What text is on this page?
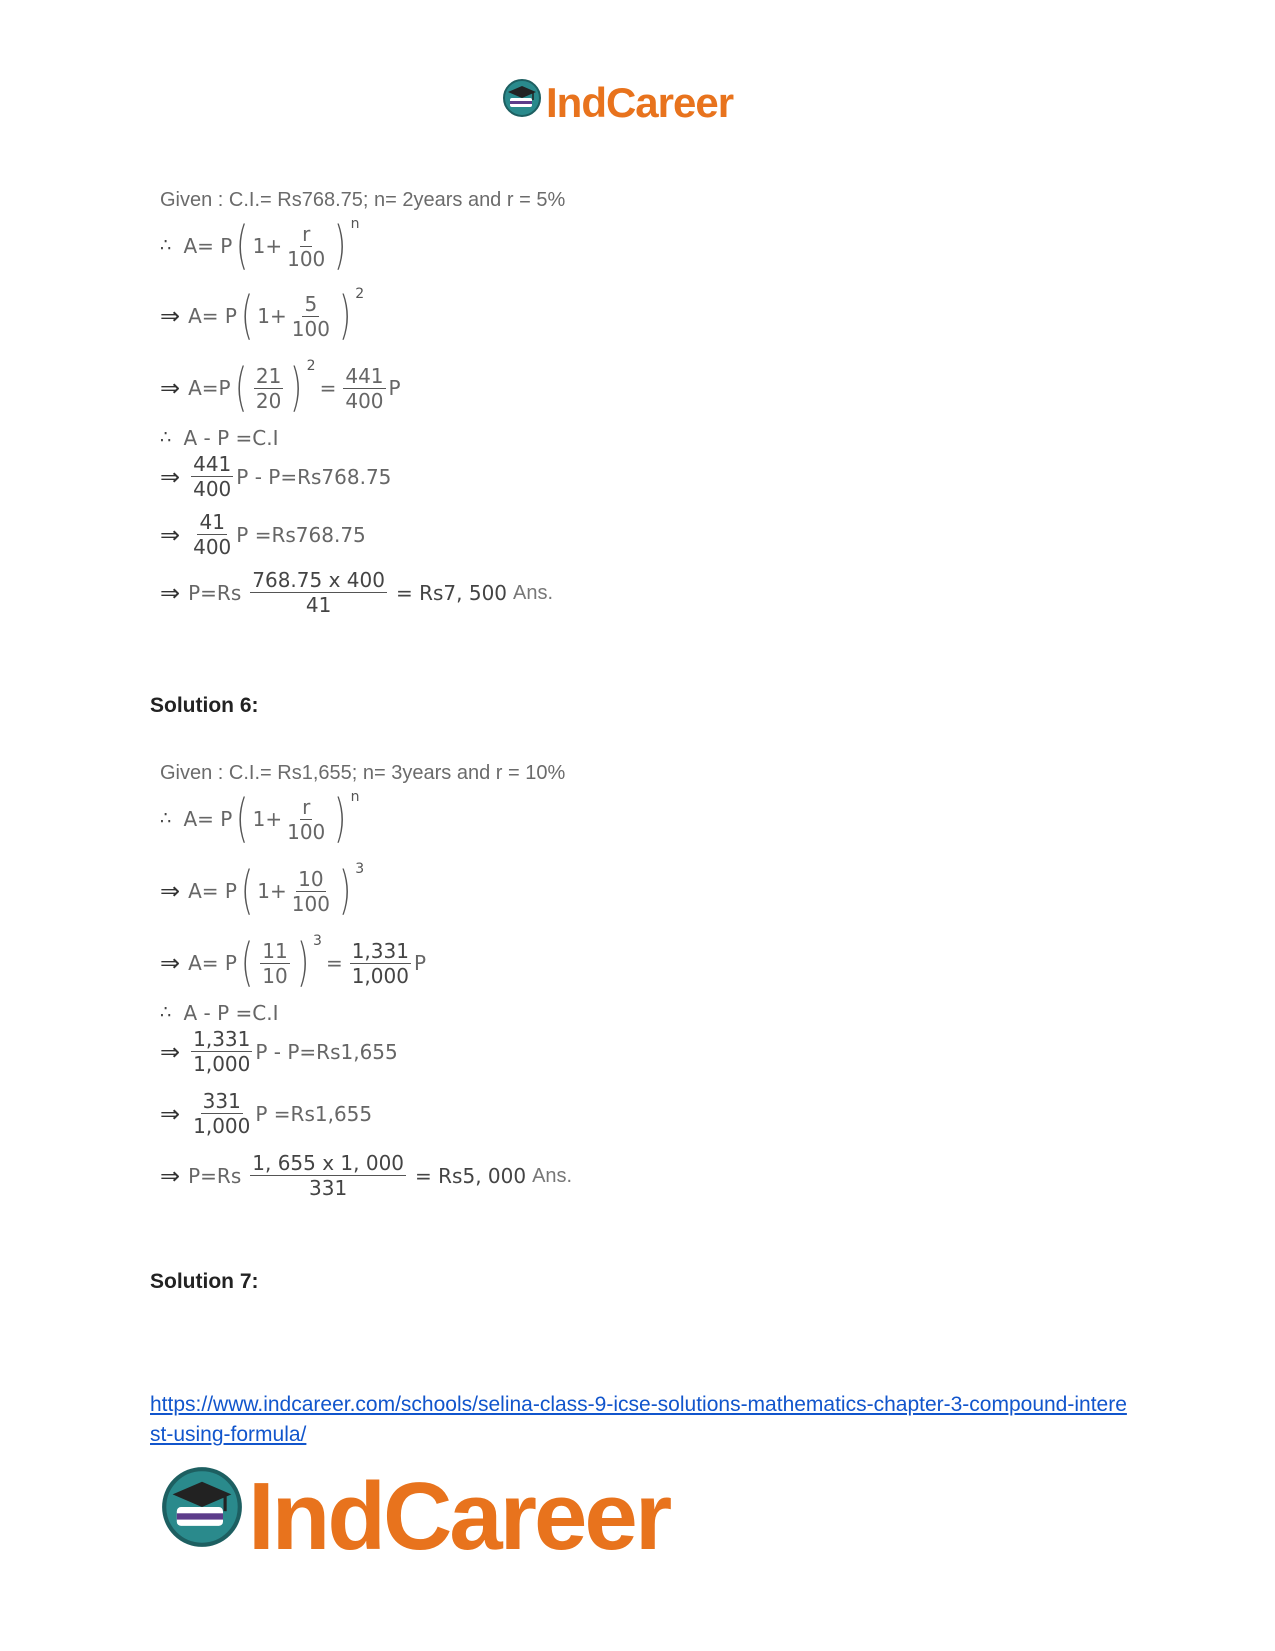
IndCareer
Given : C.I.= Rs768.75; n= 2years and r = 5%
∴ A= P ( $1+ \frac{r}{100}$ ) n
⇒ A= P ( $1+ \frac{5}{100}$ ) 2
⇒ A=P ( $\frac{21}{20}$ ) 2
= $\frac{441}{400}$ P
∴ A - P =C.I
⇒ $\frac{441}{400}$ P - P=Rs768.75
⇒ $\frac{41}{400}$ P =Rs768.75
⇒ $P=Rs \frac{768.75 x 400}{41} = Rs7$, 500 Ans.
Solution 6:
Given : C.I.= Rs1,655; n= 3years and r = 10%
∴ A= P ( $1+ \frac{r}{100}$ ) n
⇒ A= P ( $1+ \frac{10}{100}$ ) 3
⇒ A= P ( $\frac{11}{10}$ ) 3
= $\frac{1,331}{1,000}$ P
∴ A - P =C.I
⇒ $\frac{1,331}{1,000}$ P - P=Rs1,655
⇒ $\frac{331}{1,000}$ P =Rs1,655
⇒ $P=Rs \frac{1, 655 x 1, 000}{331} = Rs5$, 000 Ans.
Solution 7:
https://www.indcareer.com/schools/selina-class-9-icse-solutions-mathematics-chapter-3-compound-interest-using-formula/
IndCareer
